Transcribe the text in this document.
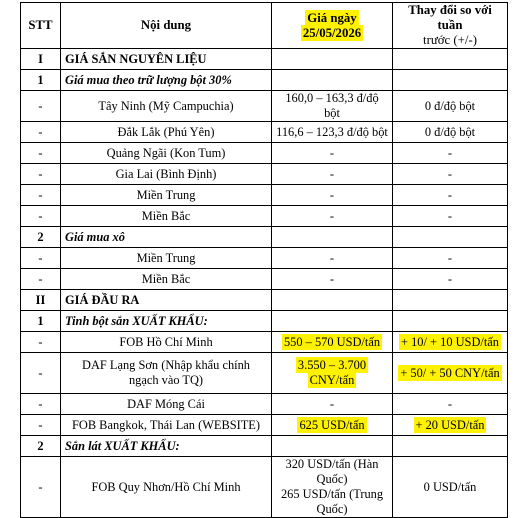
STT	Nội dung	Giá ngày 25/05/2026	Thay đổi so với tuần
trước (+/-)
I	GIÁ SẮN NGUYÊN LIỆU		
1	Giá mua theo trữ lượng bột 30%		
-	Tây Ninh (Mỹ Campuchia)	160,0 – 163,3 đ/độ bột	0 đ/độ bột
-	Đắk Lắk (Phú Yên)	116,6 – 123,3 đ/độ bột	0 đ/độ bột
-	Quảng Ngãi (Kon Tum)	-	-
-	Gia Lai (Bình Định)	-	-
-	Miền Trung	-	-
-	Miền Bắc	-	-
2	Giá mua xô		
-	Miền Trung	-	-
-	Miền Bắc	-	-
II	GIÁ ĐẦU RA		
1	Tinh bột sắn XUẤT KHẨU:		
-	FOB Hồ Chí Minh	550 – 570 USD/tấn	+ 10/ + 10 USD/tấn
-	DAF Lạng Sơn (Nhập khẩu chính
ngạch vào TQ)	3.550 – 3.700 CNY/tấn	+ 50/ + 50 CNY/tấn
-	DAF Móng Cái	-	-
-	FOB Bangkok, Thái Lan (WEBSITE)	625 USD/tấn	+ 20 USD/tấn
2	Sắn lát XUẤT KHẨU:		
-	FOB Quy Nhơn/Hồ Chí Minh	320 USD/tấn (Hàn Quốc)
265 USD/tấn (Trung
Quốc)	0 USD/tấn
